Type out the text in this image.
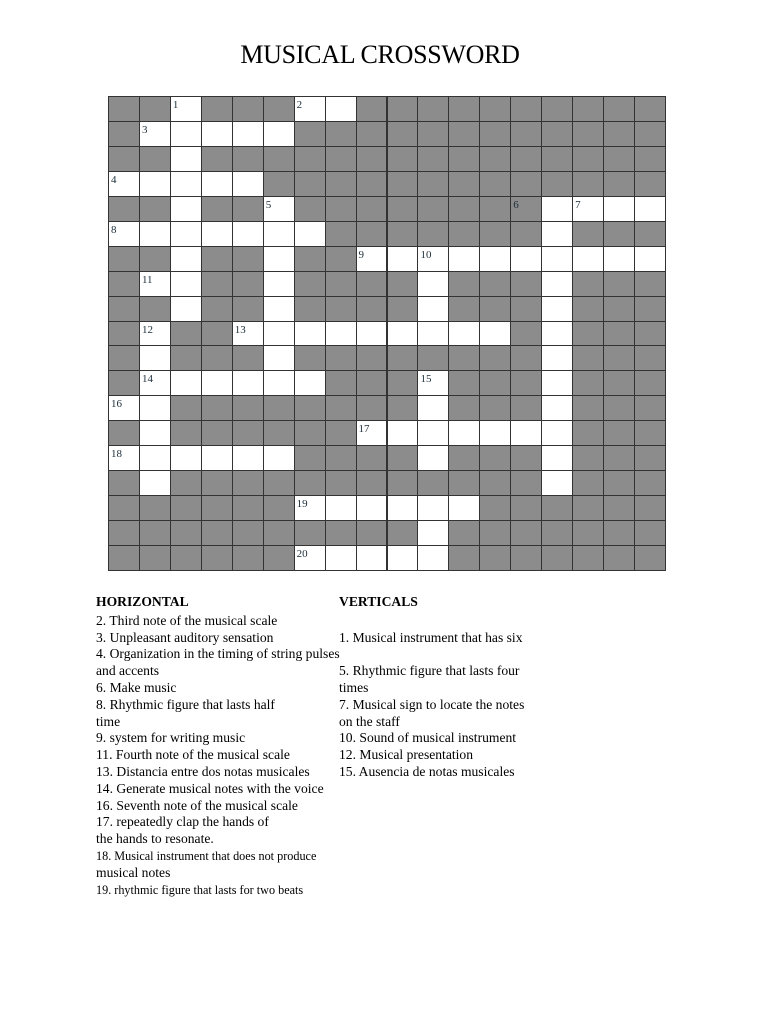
MUSICAL CROSSWORD
1	2
3
4
5	6	7
8
9	10
11
12	13
14	15
16
17
18
19
20
HORIZONTAL
2. Third note of the musical scale
3. Unpleasant auditory sensation
4. Organization in the timing of string pulses
and accents
6. Make music
8. Rhythmic figure that lasts half
time
9. system for writing music
11. Fourth note of the musical scale
13. Distancia entre dos notas musicales
14. Generate musical notes with the voice
16. Seventh note of the musical scale
17. repeatedly clap the hands of
the hands to resonate.
18. Musical instrument that does not produce
musical notes
19. rhythmic figure that lasts for two beats
VERTICALS

1. Musical instrument that has six

5. Rhythmic figure that lasts four
times
7. Musical sign to locate the notes
on the staff
10. Sound of musical instrument
12. Musical presentation
15. Ausencia de notas musicales
